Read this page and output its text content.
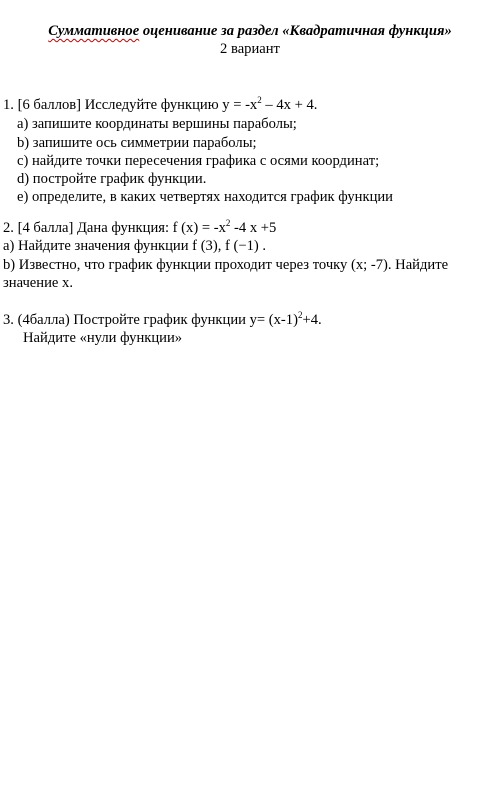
Суммативное оценивание за раздел «Квадратичная функция»
2 вариант
1. [6 баллов] Исследуйте функцию $y = -x^2 - 4x + 4$.
a) запишите координаты вершины параболы;
b) запишите ось симметрии параболы;
c) найдите точки пересечения графика с осями координат;
d) постройте график функции.
e) определите, в каких четвертях находится график функции
2. [4 балла] Дана функция: f $(x) = -x^2$ -4 x +5
a) Найдите значения функции f (3), f (−1) .
b) Известно, что график функции проходит через точку (x; -7). Найдите
значение x.
3. (4балла) Постройте график функции $y= (x-1)^2+4$.
Найдите «нули функции»
